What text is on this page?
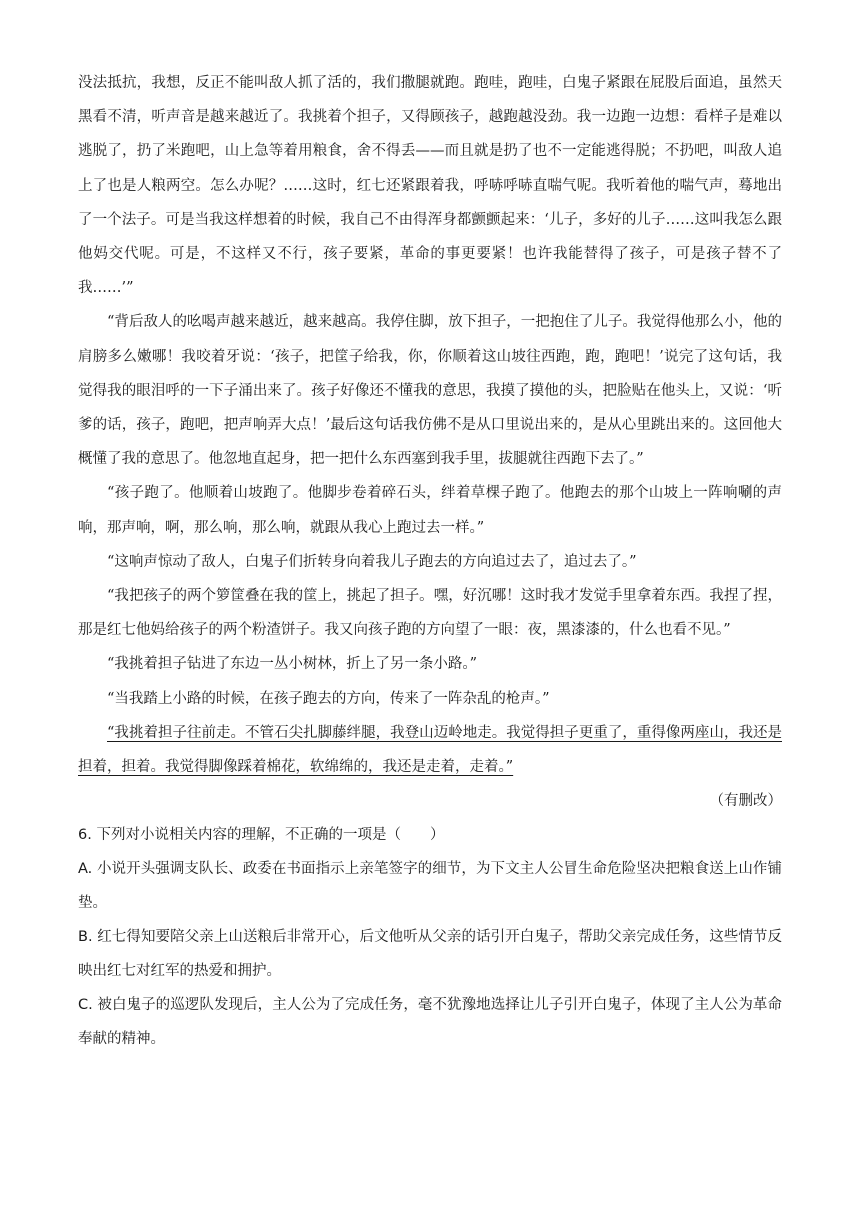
没法抵抗，我想，反正不能叫敌人抓了活的，我们撒腿就跑。跑哇，跑哇，白鬼子紧跟在屁股后面追，虽然天黑看不清，听声音是越来越近了。我挑着个担子，又得顾孩子，越跑越没劲。我一边跑一边想：看样子是难以逃脱了，扔了米跑吧，山上急等着用粮食，舍不得丢——而且就是扔了也不一定能逃得脱；不扔吧，叫敌人追上了也是人粮两空。怎么办呢？……这时，红七还紧跟着我，呼哧呼哧直喘气呢。我听着他的喘气声，蓦地出了一个法子。可是当我这样想着的时候，我自己不由得浑身都颤颤起来：‘儿子，多好的儿子……这叫我怎么跟他妈交代呢。可是，不这样又不行，孩子要紧，革命的事更要紧！也许我能替得了孩子，可是孩子替不了我……’”

“背后敌人的吆喝声越来越近，越来越高。我停住脚，放下担子，一把抱住了儿子。我觉得他那么小，他的肩膀多么嫩哪！我咬着牙说：‘孩子，把筐子给我，你，你顺着这山坡往西跑，跑，跑吧！’说完了这句话，我觉得我的眼泪呼的一下子涌出来了。孩子好像还不懂我的意思，我摸了摸他的头，把脸贴在他头上，又说：‘听爹的话，孩子，跑吧，把声响弄大点！’最后这句话我仿佛不是从口里说出来的，是从心里跳出来的。这回他大概懂了我的意思了。他忽地直起身，把一把什么东西塞到我手里，拔腿就往西跑下去了。”

“孩子跑了。他顺着山坡跑了。他脚步卷着碎石头，绊着草棵子跑了。他跑去的那个山坡上一阵响唰的声响，那声响，啊，那么响，那么响，就跟从我心上跑过去一样。”

“这响声惊动了敌人，白鬼子们折转身向着我儿子跑去的方向追过去了，追过去了。”

“我把孩子的两个箩筐叠在我的筐上，挑起了担子。嘿，好沉哪！这时我才发觉手里拿着东西。我捏了捏，那是红七他妈给孩子的两个粉渣饼子。我又向孩子跑的方向望了一眼：夜，黑漆漆的，什么也看不见。”

“我挑着担子钻进了东边一丛小树林，折上了另一条小路。”

“当我踏上小路的时候，在孩子跑去的方向，传来了一阵杂乱的枪声。”

“我挑着担子往前走。不管石尖扎脚藤绊腿，我登山迈岭地走。我觉得担子更重了，重得像两座山，我还是担着，担着。我觉得脚像踩着棉花，软绵绵的，我还是走着，走着。”

（有删改）

6. 下列对小说相关内容的理解，不正确的一项是（　　）

A. 小说开头强调支队长、政委在书面指示上亲笔签字的细节，为下文主人公冒生命危险坚决把粮食送上山作铺垫。

B. 红七得知要陪父亲上山送粮后非常开心，后文他听从父亲的话引开白鬼子，帮助父亲完成任务，这些情节反映出红七对红军的热爱和拥护。

C. 被白鬼子的巡逻队发现后，主人公为了完成任务，毫不犹豫地选择让儿子引开白鬼子，体现了主人公为革命奉献的精神。
